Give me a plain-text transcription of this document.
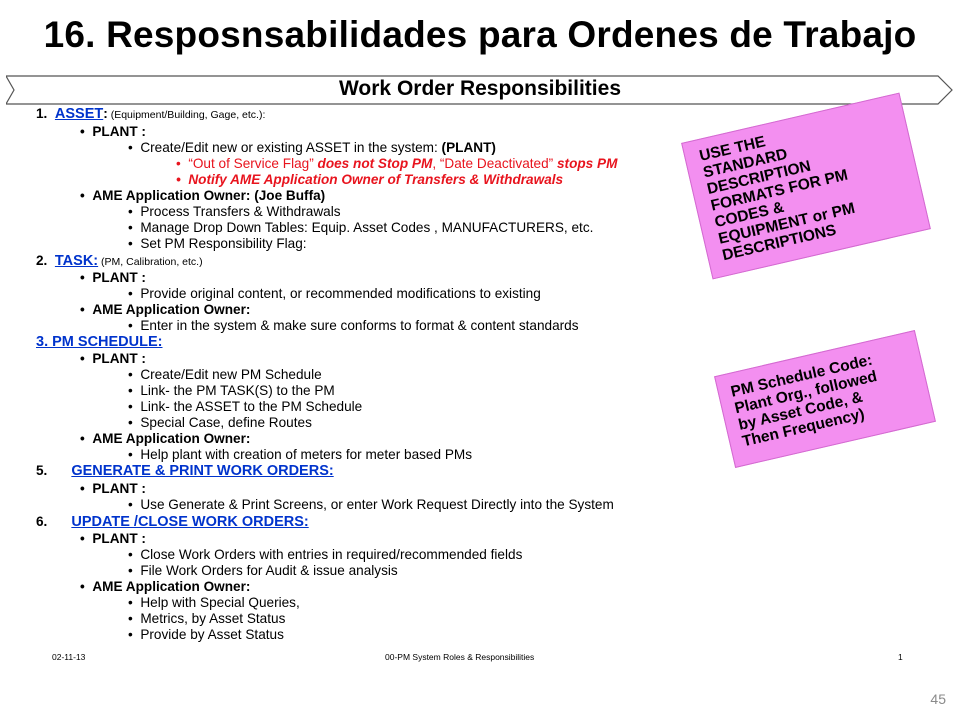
16. Resposnsabilidades para Ordenes de Trabajo
Work Order Responsibilities
1. ASSET: (Equipment/Building, Gage, etc.):
•  PLANT :
•  Create/Edit new or existing ASSET in the system: (PLANT)
•  “Out of Service Flag” does not Stop PM, “Date Deactivated” stops PM
•  Notify AME Application Owner of Transfers & Withdrawals
•  AME Application Owner: (Joe Buffa)
•  Process Transfers & Withdrawals
•  Manage Drop Down Tables: Equip. Asset Codes , MANUFACTURERS, etc.
•  Set PM Responsibility Flag:
2. TASK: (PM, Calibration, etc.)
•  PLANT :
•  Provide original content, or recommended modifications to existing
•  AME Application Owner:
•  Enter in the system & make sure conforms to format & content standards
3. PM SCHEDULE:
•  PLANT :
•  Create/Edit new PM Schedule
•  Link- the PM TASK(S) to the PM
•  Link- the ASSET to the PM Schedule
•  Special Case, define Routes
•  AME Application Owner:
•  Help plant with creation of meters for meter based PMs
5. GENERATE & PRINT WORK ORDERS:
•  PLANT :
•  Use Generate & Print Screens, or enter Work Request Directly into the System
6. UPDATE /CLOSE WORK ORDERS:
•  PLANT :
•  Close Work Orders with entries in required/recommended fields
•  File Work Orders for Audit & issue analysis
•  AME Application Owner:
•  Help with Special Queries,
•  Metrics, by Asset Status
•  Provide by Asset Status
USE THE
STANDARD
DESCRIPTION
FORMATS FOR PM
CODES &
EQUIPMENT or PM
DESCRIPTIONS
PM Schedule Code:
Plant Org., followed
by Asset Code, &
Then Frequency)
02-11-13	00-PM System Roles & Responsibilities	1
45
